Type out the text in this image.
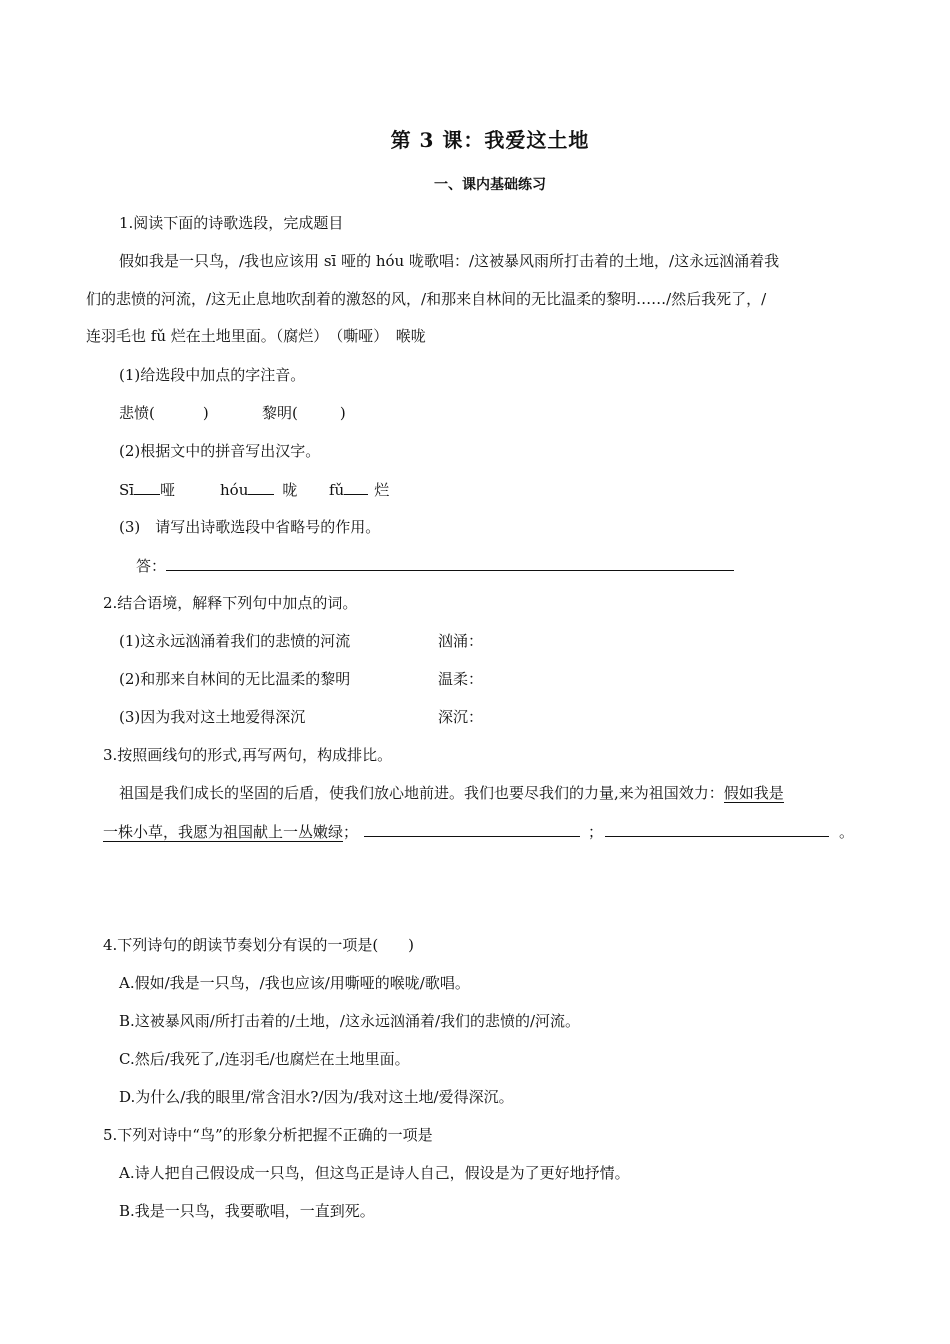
第 3 课：我爱这土地
一、课内基础练习
1.阅读下面的诗歌选段，完成题目
假如我是一只鸟，/我也应该用 sī 哑的 hóu 咙歌唱：/这被暴风雨所打击着的土地，/这永远汹涌着我
们的悲愤的河流，/这无止息地吹刮着的激怒的风，/和那来自林间的无比温柔的黎明……/然后我死了，/
连羽毛也 fǔ 烂在土地里面。（腐烂）　（嘶哑）　喉咙
(1)给选段中加点的字注音。
悲愤(	)	黎明(	)
(2)根据文中的拼音写出汉字。
Sī 哑	hóu 咙 fǔ 烂
(3)　请写出诗歌选段中省略号的作用。
答：
2.结合语境，解释下列句中加点的词。
(1)这永远汹涌着我们的悲愤的河流	汹涌：
(2)和那来自林间的无比温柔的黎明	温柔：
(3)因为我对这土地爱得深沉	深沉：
3.按照画线句的形式,再写两句，构成排比。
祖国是我们成长的坚固的后盾，使我们放心地前进。我们也要尽我们的力量,来为祖国效力：假如我是
一株小草，我愿为祖国献上一丛嫩绿；	；	。
4.下列诗句的朗读节奏划分有误的一项是(　　)
A.假如/我是一只鸟，/我也应该/用嘶哑的喉咙/歌唱。
B.这被暴风雨/所打击着的/土地，/这永远汹涌着/我们的悲愤的/河流。
C.然后/我死了,/连羽毛/也腐烂在土地里面。
D.为什么/我的眼里/常含泪水?/因为/我对这土地/爱得深沉。
5.下列对诗中“鸟”的形象分析把握不正确的一项是
A.诗人把自己假设成一只鸟，但这鸟正是诗人自己，假设是为了更好地抒情。
B.我是一只鸟，我要歌唱，一直到死。
